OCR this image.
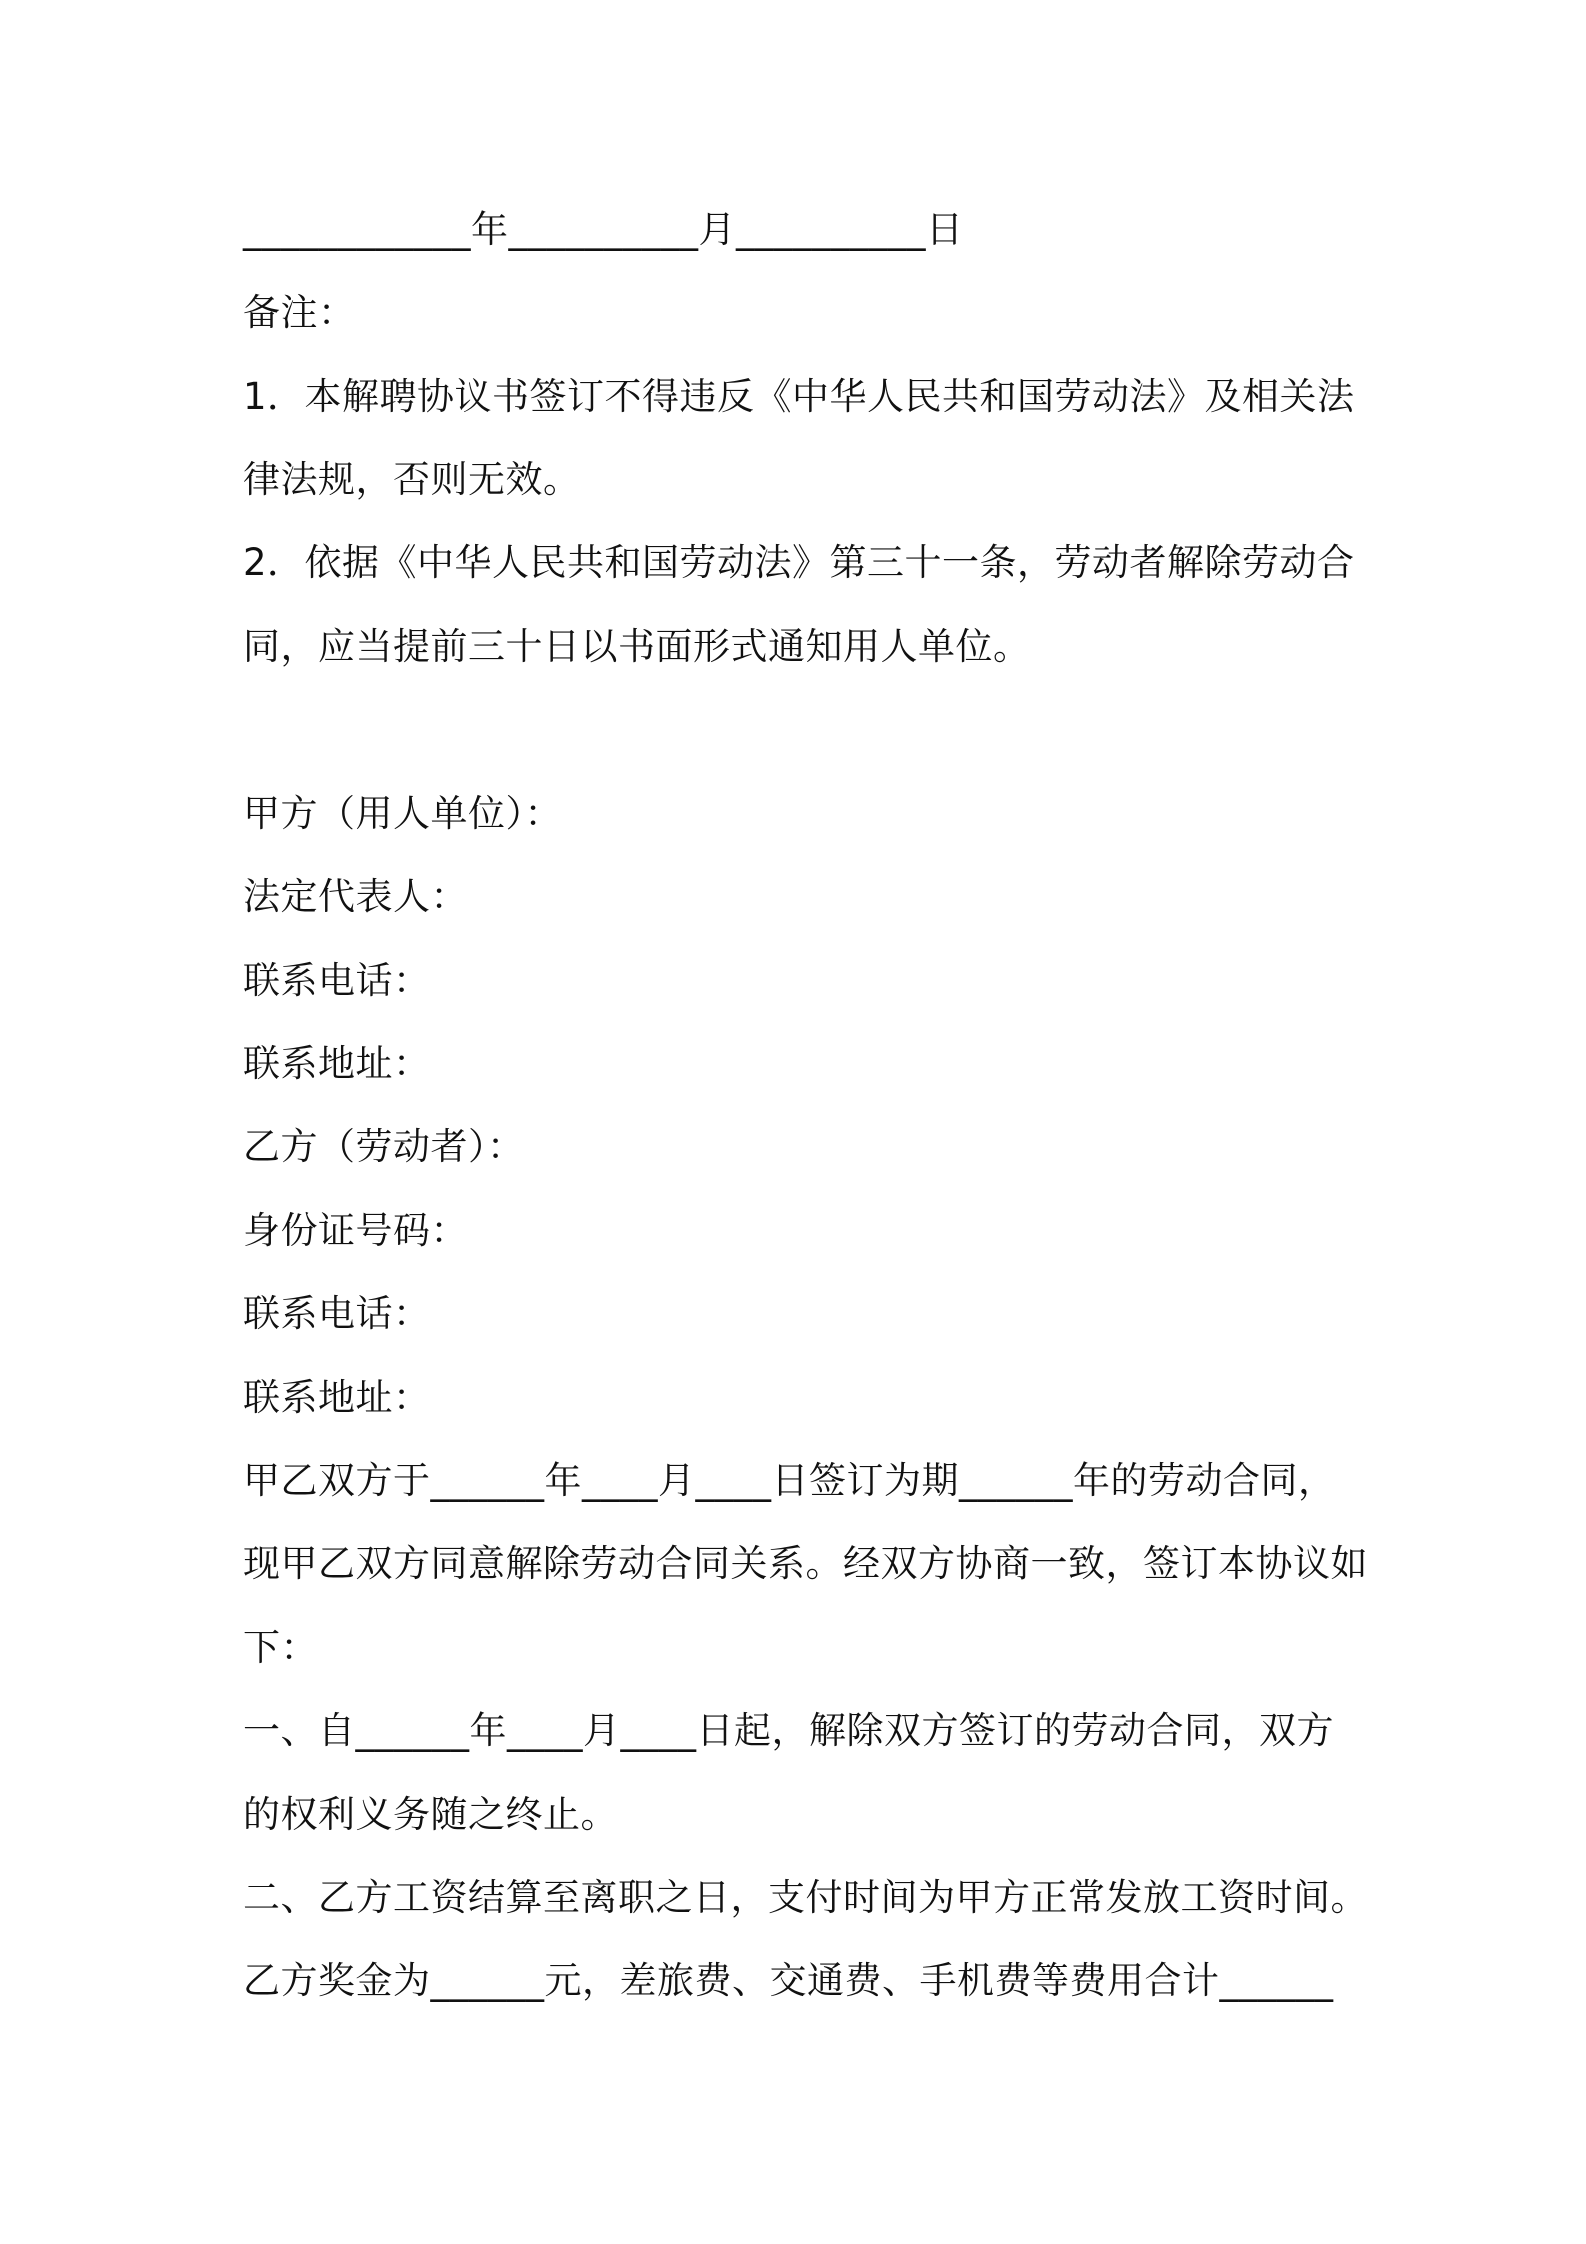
____________年__________月__________日
备注：
1．本解聘协议书签订不得违反《中华人民共和国劳动法》及相关法
律法规，否则无效。
2．依据《中华人民共和国劳动法》第三十一条，劳动者解除劳动合
同，应当提前三十日以书面形式通知用人单位。
甲方（用人单位）：
法定代表人：
联系电话：
联系地址：
乙方（劳动者）：
身份证号码：
联系电话：
联系地址：
甲乙双方于______年____月____日签订为期______年的劳动合同，
现甲乙双方同意解除劳动合同关系。经双方协商一致，签订本协议如
下：
一、自______年____月____日起，解除双方签订的劳动合同，双方
的权利义务随之终止。
二、乙方工资结算至离职之日，支付时间为甲方正常发放工资时间。
乙方奖金为______元，差旅费、交通费、手机费等费用合计______
